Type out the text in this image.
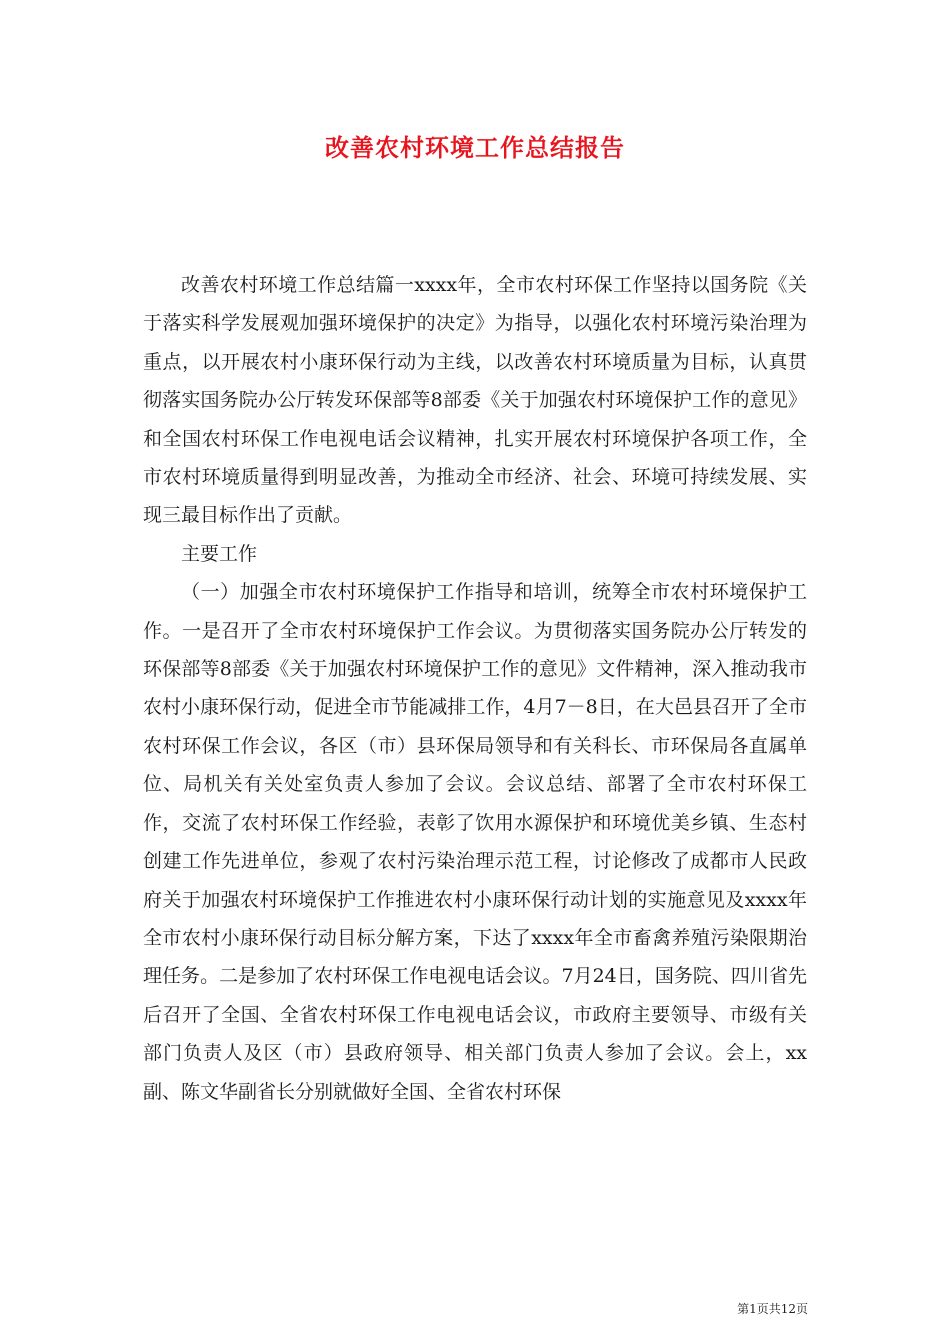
改善农村环境工作总结报告

改善农村环境工作总结篇一xxxx年，全市农村环保工作坚持以国务院《关于落实科学发展观加强环境保护的决定》为指导，以强化农村环境污染治理为重点，以开展农村小康环保行动为主线，以改善农村环境质量为目标，认真贯彻落实国务院办公厅转发环保部等8部委《关于加强农村环境保护工作的意见》和全国农村环保工作电视电话会议精神，扎实开展农村环境保护各项工作，全市农村环境质量得到明显改善，为推动全市经济、社会、环境可持续发展、实现三最目标作出了贡献。

主要工作

（一）加强全市农村环境保护工作指导和培训，统筹全市农村环境保护工作。一是召开了全市农村环境保护工作会议。为贯彻落实国务院办公厅转发的环保部等8部委《关于加强农村环境保护工作的意见》文件精神，深入推动我市农村小康环保行动，促进全市节能减排工作，4月7－8日，在大邑县召开了全市农村环保工作会议，各区（市）县环保局领导和有关科长、市环保局各直属单位、局机关有关处室负责人参加了会议。会议总结、部署了全市农村环保工作，交流了农村环保工作经验，表彰了饮用水源保护和环境优美乡镇、生态村创建工作先进单位，参观了农村污染治理示范工程，讨论修改了成都市人民政府关于加强农村环境保护工作推进农村小康环保行动计划的实施意见及xxxx年全市农村小康环保行动目标分解方案，下达了xxxx年全市畜禽养殖污染限期治理任务。二是参加了农村环保工作电视电话会议。7月24日，国务院、四川省先后召开了全国、全省农村环保工作电视电话会议，市政府主要领导、市级有关部门负责人及区（市）县政府领导、相关部门负责人参加了会议。会上，xx副、陈文华副省长分别就做好全国、全省农村环保

第1页共12页
